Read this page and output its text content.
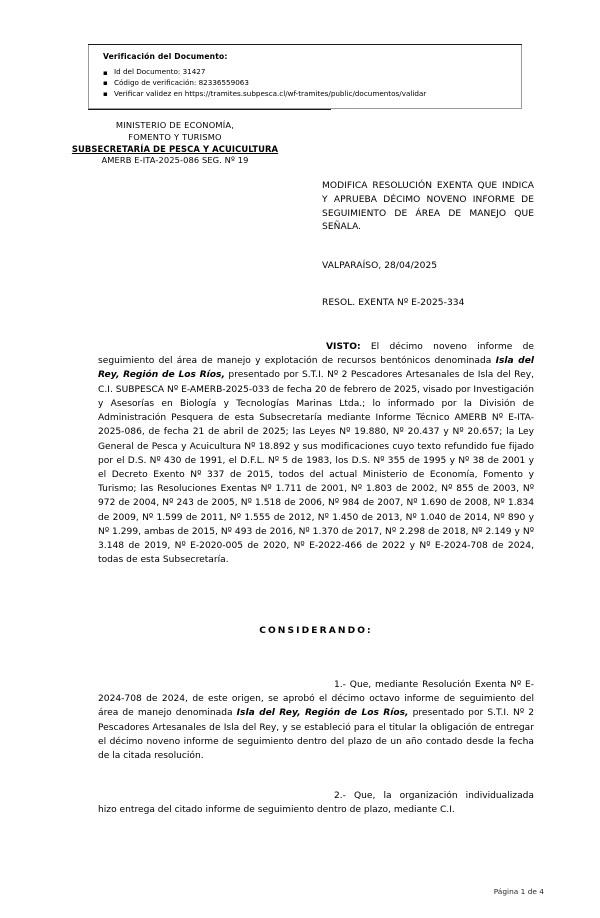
Verificación del Documento:
▪ Id del Documento: 31427
▪ Código de verificación: 82336559063
▪ Verificar validez en https://tramites.subpesca.cl/wf-tramites/public/documentos/validar
MINISTERIO DE ECONOMÍA,
FOMENTO Y TURISMO
SUBSECRETARÍA DE PESCA Y ACUICULTURA
AMERB E-ITA-2025-086 SEG. Nº 19
MODIFICA RESOLUCIÓN EXENTA QUE INDICA Y APRUEBA DÉCIMO NOVENO INFORME DE SEGUIMIENTO DE ÁREA DE MANEJO QUE SEÑALA.
VALPARAÍSO, 28/04/2025
RESOL. EXENTA Nº E-2025-334

VISTO: El décimo noveno informe de seguimiento del área de manejo y explotación de recursos bentónicos denominada Isla del Rey, Región de Los Ríos, presentado por S.T.I. Nº 2 Pescadores Artesanales de Isla del Rey, C.I. SUBPESCA Nº E-AMERB-2025-033 de fecha 20 de febrero de 2025, visado por Investigación y Asesorías en Biología y Tecnologías Marinas Ltda.; lo informado por la División de Administración Pesquera de esta Subsecretaría mediante Informe Técnico AMERB Nº E-ITA-2025-086, de fecha 21 de abril de 2025; las Leyes Nº 19.880, Nº 20.437 y Nº 20.657; la Ley General de Pesca y Acuicultura Nº 18.892 y sus modificaciones cuyo texto refundido fue fijado por el D.S. Nº 430 de 1991, el D.F.L. Nº 5 de 1983, los D.S. Nº 355 de 1995 y Nº 38 de 2001 y el Decreto Exento Nº 337 de 2015, todos del actual Ministerio de Economía, Fomento y Turismo; las Resoluciones Exentas Nº 1.711 de 2001, Nº 1.803 de 2002, Nº 855 de 2003, Nº 972 de 2004, Nº 243 de 2005, Nº 1.518 de 2006, Nº 984 de 2007, Nº 1.690 de 2008, Nº 1.834 de 2009, Nº 1.599 de 2011, Nº 1.555 de 2012, Nº 1.450 de 2013, Nº 1.040 de 2014, Nº 890 y Nº 1.299, ambas de 2015, Nº 493 de 2016, Nº 1.370 de 2017, Nº 2.298 de 2018, Nº 2.149 y Nº 3.148 de 2019, Nº E-2020-005 de 2020, Nº E-2022-466 de 2022 y Nº E-2024-708 de 2024, todas de esta Subsecretaría.

CONSIDERANDO:
1.- Que, mediante Resolución Exenta Nº E-2024-708 de 2024, de este origen, se aprobó el décimo octavo informe de seguimiento del área de manejo denominada Isla del Rey, Región de Los Ríos, presentado por S.T.I. Nº 2 Pescadores Artesanales de Isla del Rey, y se estableció para el titular la obligación de entregar el décimo noveno informe de seguimiento dentro del plazo de un año contado desde la fecha de la citada resolución.
2.- Que, la organización individualizada hizo entrega del citado informe de seguimiento dentro de plazo, mediante C.I.
Página 1 de 4
